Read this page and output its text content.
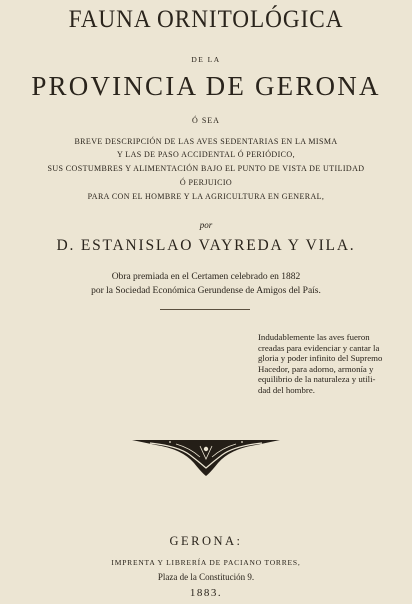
FAUNA ORNITOLÓGICA
DE LA
PROVINCIA DE GERONA
Ó SEA
BREVE DESCRIPCIÓN DE LAS AVES SEDENTARIAS EN LA MISMA
Y LAS DE PASO ACCIDENTAL Ó PERIÓDICO,
SUS COSTUMBRES Y ALIMENTACIÓN BAJO EL PUNTO DE VISTA DE UTILIDAD
Ó PERJUICIO
PARA CON EL HOMBRE Y LA AGRICULTURA EN GENERAL,
por
D. ESTANISLAO VAYREDA Y VILA.
Obra premiada en el Certamen celebrado en 1882
por la Sociedad Económica Gerundense de Amigos del País.
Indudablemente las aves fueron
creadas para evidenciar y cantar la
gloria y poder infinito del Supremo
Hacedor, para adorno, armonía y
equilibrio de la naturaleza y utili-
dad del hombre.
GERONA:
IMPRENTA Y LIBRERÍA DE PACIANO TORRES,
Plaza de la Constitución 9.
1883.
